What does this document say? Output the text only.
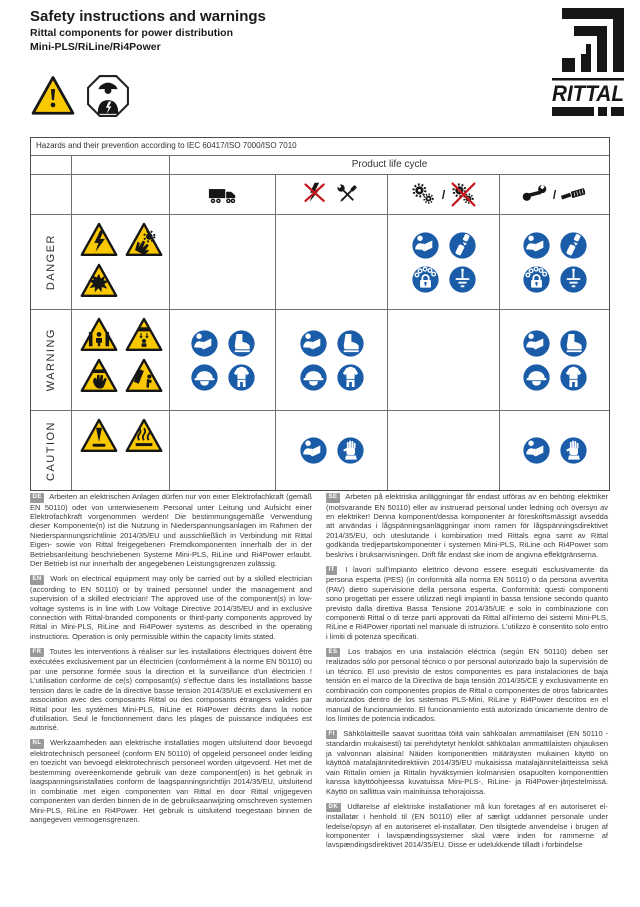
Safety instructions and warnings
Rittal components for power distribution
Mini-PLS/RiLine/Ri4Power
RITTAL
Hazards and their prevention according to IEC 60417/ISO 7000/ISO 7010
Product life cycle
/	/
DANGER
WARNING
CAUTION

DE Arbeiten an elektrischen Anlagen dürfen nur von einer Elektrofachkraft (gemäß EN 50110) oder von unterwiesenem Personal unter Leitung und Aufsicht einer Elektrofachkraft vorgenommen werden! Die bestimmungsgemäße Verwendung dieser Komponente(n) ist die Nutzung in Niederspannungsanlagen im Rahmen der Niederspannungsrichtlinie 2014/35/EU und ausschließlich in Verbindung mit Rittal Eigen- sowie von Rittal freigegebenen Fremdkomponenten innerhalb der in der Betriebsanleitung beschriebenen Systeme Mini-PLS, RiLine und Ri4Power erlaubt. Der Betrieb ist nur innerhalb der angegebenen Leistungsgrenzen zulässig.

EN Work on electrical equipment may only be carried out by a skilled electrician (according to EN 50110) or by trained personnel under the management and supervision of a skilled electrician! The approved use of the component(s) in low-voltage systems is in line with Low Voltage Directive 2014/35/EU and in exclusive connection with Rittal-branded components or third-party components approved by Rittal in Mini-PLS, RiLine and Ri4Power systems as described in the operating instructions. Operation is only permissible within the capacity limits stated.

FR Toutes les interventions à réaliser sur les installations électriques doivent être exécutées exclusivement par un électricien (conformément à la norme EN 50110) ou par une personne formée sous la direction et la surveillance d'un électricien ! L'utilisation conforme de ce(s) composant(s) s'effectue dans les installations basse tension dans le cadre de la directive basse tension 2014/35/UE et exclusivement en association avec des composants Rittal ou des composants étrangers validés par Rittal pour les systèmes Mini-PLS, RiLine et Ri4Power décrits dans la notice d'utilisation. Seul le fonctionnement dans les plages de puissance indiquées est autorisé.

NL Werkzaamheden aan elektrische installaties mogen uitsluitend door bevoegd elektrotechnisch personeel (conform EN 50110) of opgeleid personeel onder leiding en toezicht van bevoegd elektrotechnisch personeel worden uitgevoerd. Het met de bestemming overeenkomende gebruik van deze component(en) is het gebruik in laagspanningsinstallaties conform de laagspanningsrichtlijn 2014/35/EU, uitsluitend in combinatie met eigen componenten van Rittal en door Rittal vrijgegeven componenten van derden binnen de in de gebruiksaanwijzing omschreven systemen Mini-PLS, RiLine en Ri4Power. Het gebruik is uitsluitend toegestaan binnen de aangegeven vermogensgrenzen.

SE Arbeten på elektriska anläggningar får endast utföras av en behörig elektriker (motsvarande EN 50110) eller av instruerad personal under ledning och översyn av en elektriker! Denna komponent/dessa komponenter är föreskriftsmässigt avsedda att användas i lågspänningsanläggningar inom ramen för lågspänningsdirektivet 2014/35/EU, och uteslutande i kombination med Rittals egna samt av Rittal godkända tredjepartskomponenter i systemen Mini-PLS, RiLine och Ri4Power som beskrivs i bruksanvisningen. Drift får endast ske inom de angivna effektgränserna.

IT I lavori sull'impianto elettrico devono essere eseguiti esclusivamente da persona esperta (PES) (in conformità alla norma EN 50110) o da persona avvertita (PAV) dietro supervisione della persona esperta. Conformità: questi componenti sono progettati per essere utilizzati negli impianti in bassa tensione secondo quanto previsto dalla direttiva Bassa Tensione 2014/35/UE e solo in combinazione con componenti Rittal o di terze parti approvati da Rittal all'interno dei sistemi Mini-PLS, RiLine e Ri4Power riportati nel manuale di istruzioni. L'utilizzo è consentito solo entro i limiti di potenza specificati.

ES Los trabajos en una instalación eléctrica (según EN 50110) deben ser realizados sólo por personal técnico o por personal autorizado bajo la supervisión de un técnico. El uso previsto de estos componentes es para instalaciones de baja tensión en el marco de la Directiva de baja tensión 2014/35/CE y exclusivamente en combinación con componentes propios de Rittal o componentes de otros fabricantes autorizados dentro de los sistemas PLS-Mini, RiLine y Ri4Power descritos en el manual de funcionamiento. El funcionamiento está autorizado únicamente dentro de los límites de potencia indicados.

FI Sähkölaitteille saavat suorittaa töitä vain sähköalan ammattilaiset (EN 50110 -standardin mukaisesti) tai perehdytetyt henkilöt sähköalan ammattilaisten ohjauksen ja valvonnan alaisina! Näiden komponenttien määräysten mukainen käyttö on käyttöä matalajännitedirektiivin 2014/35/EU mukaisissa matalajännitelaitteissa sekä vain Rittalin omien ja Rittalin hyväksymien kolmansien osapuolten komponenttien kanssa käyttöohjeessa kuvatuissa Mini-PLS-, RiLine- ja Ri4Power-järjestelmissä. Käyttö on sallittua vain mainituissa tehorajoissa.

DK Udførelse af elektriske installationer må kun foretages af en autoriseret el-installatør i henhold til (EN 50110) eller af særligt uddannet personale under ledelse/opsyn af en autoriseret el-installatør. Den tilsigtede anvendelse i brugen af komponenter i lavspændingssystemer skal være inden for rammerne af lavspændingsdirektivet 2014/35/EU. Disse er udelukkende tilladt i forbindelse
